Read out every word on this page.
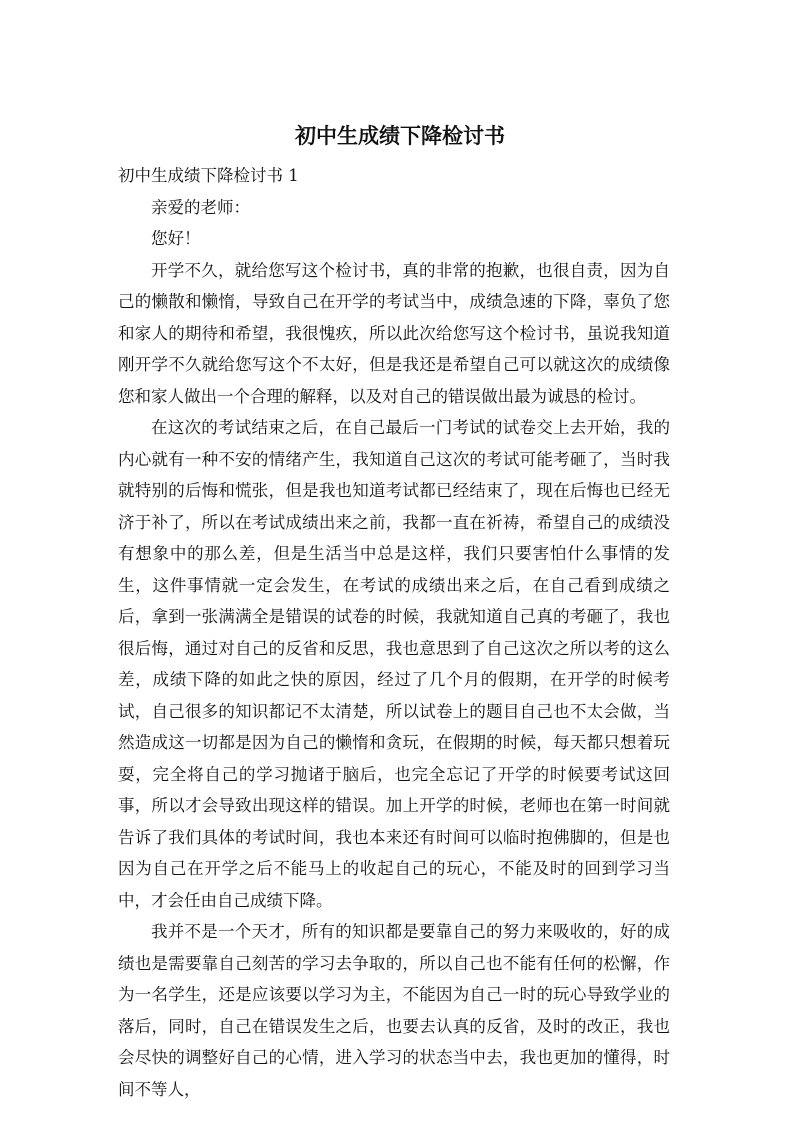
初中生成绩下降检讨书

初中生成绩下降检讨书 1

亲爱的老师：

您好！

开学不久，就给您写这个检讨书，真的非常的抱歉，也很自责，因为自己的懒散和懒惰，导致自己在开学的考试当中，成绩急速的下降，辜负了您和家人的期待和希望，我很愧疚，所以此次给您写这个检讨书，虽说我知道刚开学不久就给您写这个不太好，但是我还是希望自己可以就这次的成绩像您和家人做出一个合理的解释，以及对自己的错误做出最为诚恳的检讨。

在这次的考试结束之后，在自己最后一门考试的试卷交上去开始，我的内心就有一种不安的情绪产生，我知道自己这次的考试可能考砸了，当时我就特别的后悔和慌张，但是我也知道考试都已经结束了，现在后悔也已经无济于补了，所以在考试成绩出来之前，我都一直在祈祷，希望自己的成绩没有想象中的那么差，但是生活当中总是这样，我们只要害怕什么事情的发生，这件事情就一定会发生，在考试的成绩出来之后，在自己看到成绩之后，拿到一张满满全是错误的试卷的时候，我就知道自己真的考砸了，我也很后悔，通过对自己的反省和反思，我也意思到了自己这次之所以考的这么差，成绩下降的如此之快的原因，经过了几个月的假期，在开学的时候考试，自己很多的知识都记不太清楚，所以试卷上的题目自己也不太会做，当然造成这一切都是因为自己的懒惰和贪玩，在假期的时候，每天都只想着玩耍，完全将自己的学习抛诸于脑后，也完全忘记了开学的时候要考试这回事，所以才会导致出现这样的错误。加上开学的时候，老师也在第一时间就告诉了我们具体的考试时间，我也本来还有时间可以临时抱佛脚的，但是也因为自己在开学之后不能马上的收起自己的玩心，不能及时的回到学习当中，才会任由自己成绩下降。

我并不是一个天才，所有的知识都是要靠自己的努力来吸收的，好的成绩也是需要靠自己刻苦的学习去争取的，所以自己也不能有任何的松懈，作为一名学生，还是应该要以学习为主，不能因为自己一时的玩心导致学业的落后，同时，自己在错误发生之后，也要去认真的反省，及时的改正，我也会尽快的调整好自己的心情，进入学习的状态当中去，我也更加的懂得，时间不等人，
